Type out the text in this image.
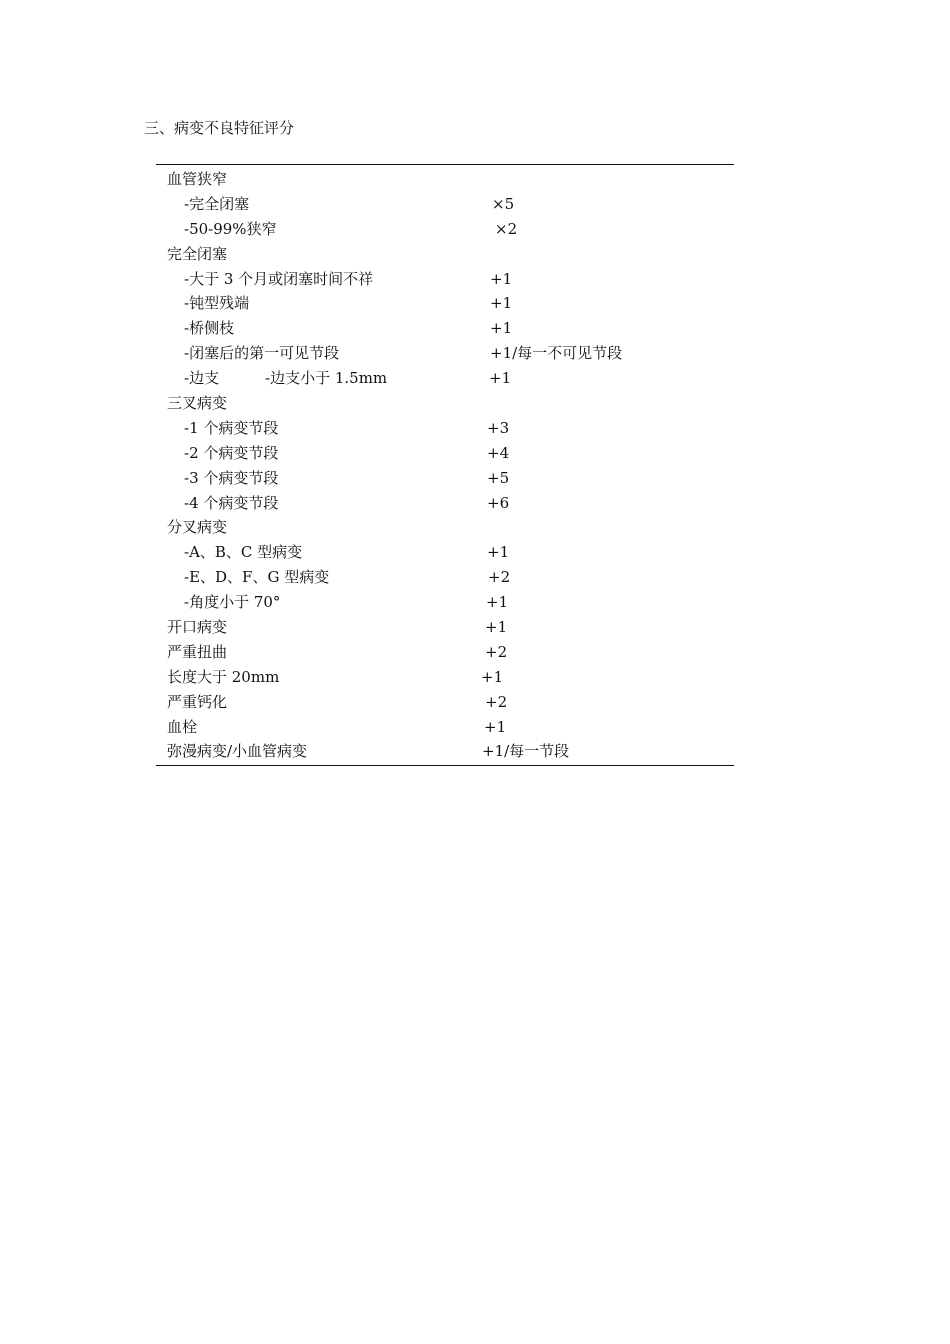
三、病变不良特征评分
血管狭窄
-完全闭塞	×5
-50-99%狭窄	×2
完全闭塞
-大于 3 个月或闭塞时间不祥	+1
-钝型残端	+1
-桥侧枝	+1
-闭塞后的第一可见节段	+1/每一不可见节段
-边支	-边支小于 1.5mm	+1
三叉病变
-1 个病变节段	+3
-2 个病变节段	+4
-3 个病变节段	+5
-4 个病变节段	+6
分叉病变
-A、B、C 型病变	+1
-E、D、F、G 型病变	+2
-角度小于 70°	+1
开口病变	+1
严重扭曲	+2
长度大于 20mm	+1
严重钙化	+2
血栓	+1
弥漫病变/小血管病变	+1/每一节段
